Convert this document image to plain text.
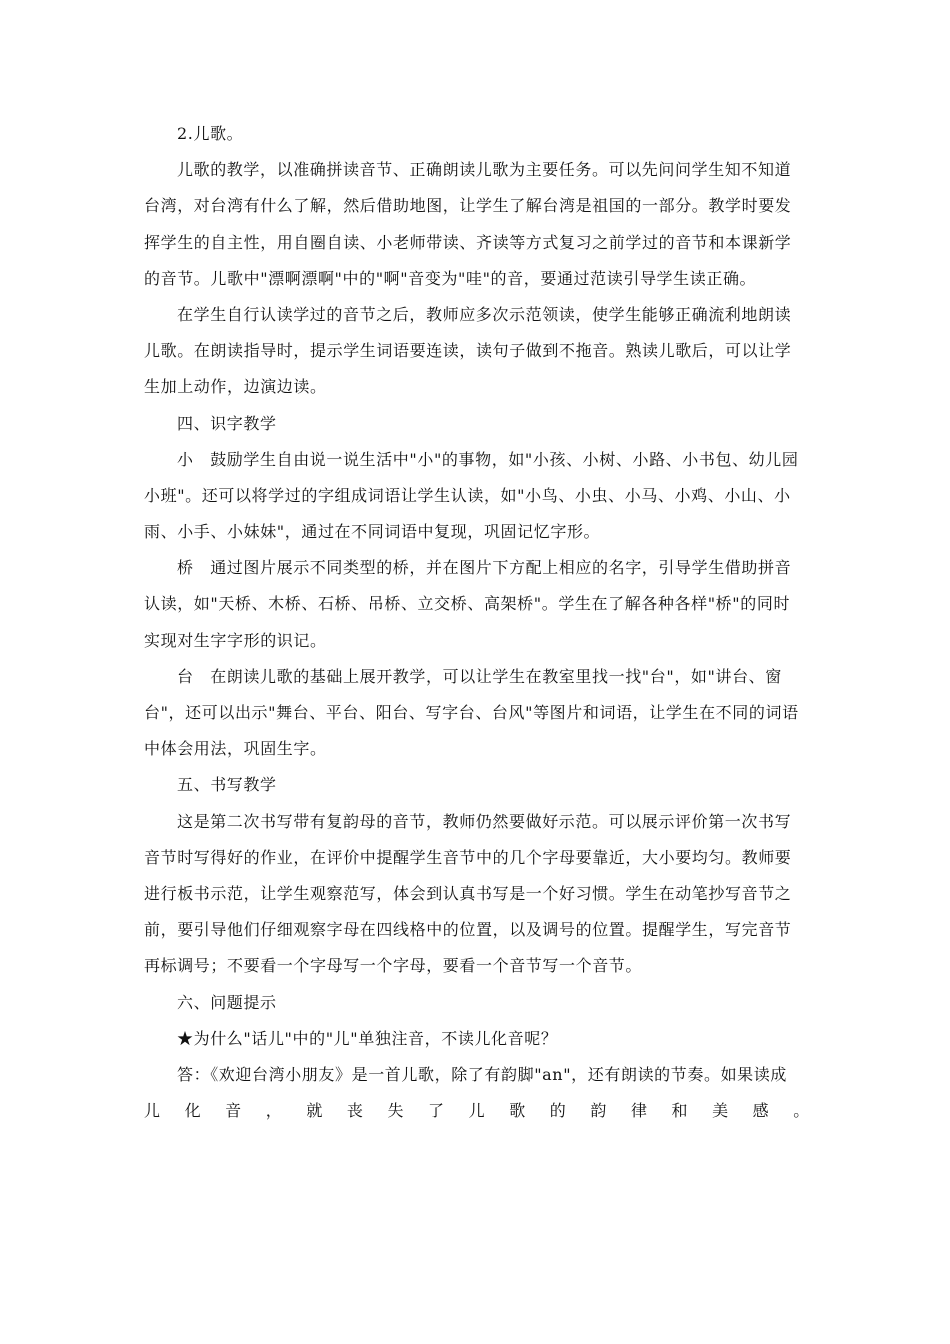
2.儿歌。
儿歌的教学，以准确拼读音节、正确朗读儿歌为主要任务。可以先问问学生知不知道
台湾，对台湾有什么了解，然后借助地图，让学生了解台湾是祖国的一部分。教学时要发
挥学生的自主性，用自圈自读、小老师带读、齐读等方式复习之前学过的音节和本课新学
的音节。儿歌中"漂啊漂啊"中的"啊"音变为"哇"的音，要通过范读引导学生读正确。
在学生自行认读学过的音节之后，教师应多次示范领读，使学生能够正确流利地朗读
儿歌。在朗读指导时，提示学生词语要连读，读句子做到不拖音。熟读儿歌后，可以让学
生加上动作，边演边读。
四、识字教学
小　鼓励学生自由说一说生活中"小"的事物，如"小孩、小树、小路、小书包、幼儿园
小班"。还可以将学过的字组成词语让学生认读，如"小鸟、小虫、小马、小鸡、小山、小
雨、小手、小妹妹"，通过在不同词语中复现，巩固记忆字形。
桥　通过图片展示不同类型的桥，并在图片下方配上相应的名字，引导学生借助拼音
认读，如"天桥、木桥、石桥、吊桥、立交桥、高架桥"。学生在了解各种各样"桥"的同时
实现对生字字形的识记。
台　在朗读儿歌的基础上展开教学，可以让学生在教室里找一找"台"，如"讲台、窗
台"，还可以出示"舞台、平台、阳台、写字台、台风"等图片和词语，让学生在不同的词语
中体会用法，巩固生字。
五、书写教学
这是第二次书写带有复韵母的音节，教师仍然要做好示范。可以展示评价第一次书写
音节时写得好的作业，在评价中提醒学生音节中的几个字母要靠近，大小要均匀。教师要
进行板书示范，让学生观察范写，体会到认真书写是一个好习惯。学生在动笔抄写音节之
前，要引导他们仔细观察字母在四线格中的位置，以及调号的位置。提醒学生，写完音节
再标调号；不要看一个字母写一个字母，要看一个音节写一个音节。
六、问题提示
★为什么"话儿"中的"儿"单独注音，不读儿化音呢？
答：《欢迎台湾小朋友》是一首儿歌，除了有韵脚"an"，还有朗读的节奏。如果读成
儿 化 音 ， 就 丧 失 了 儿 歌 的 韵 律 和 美 感 。
